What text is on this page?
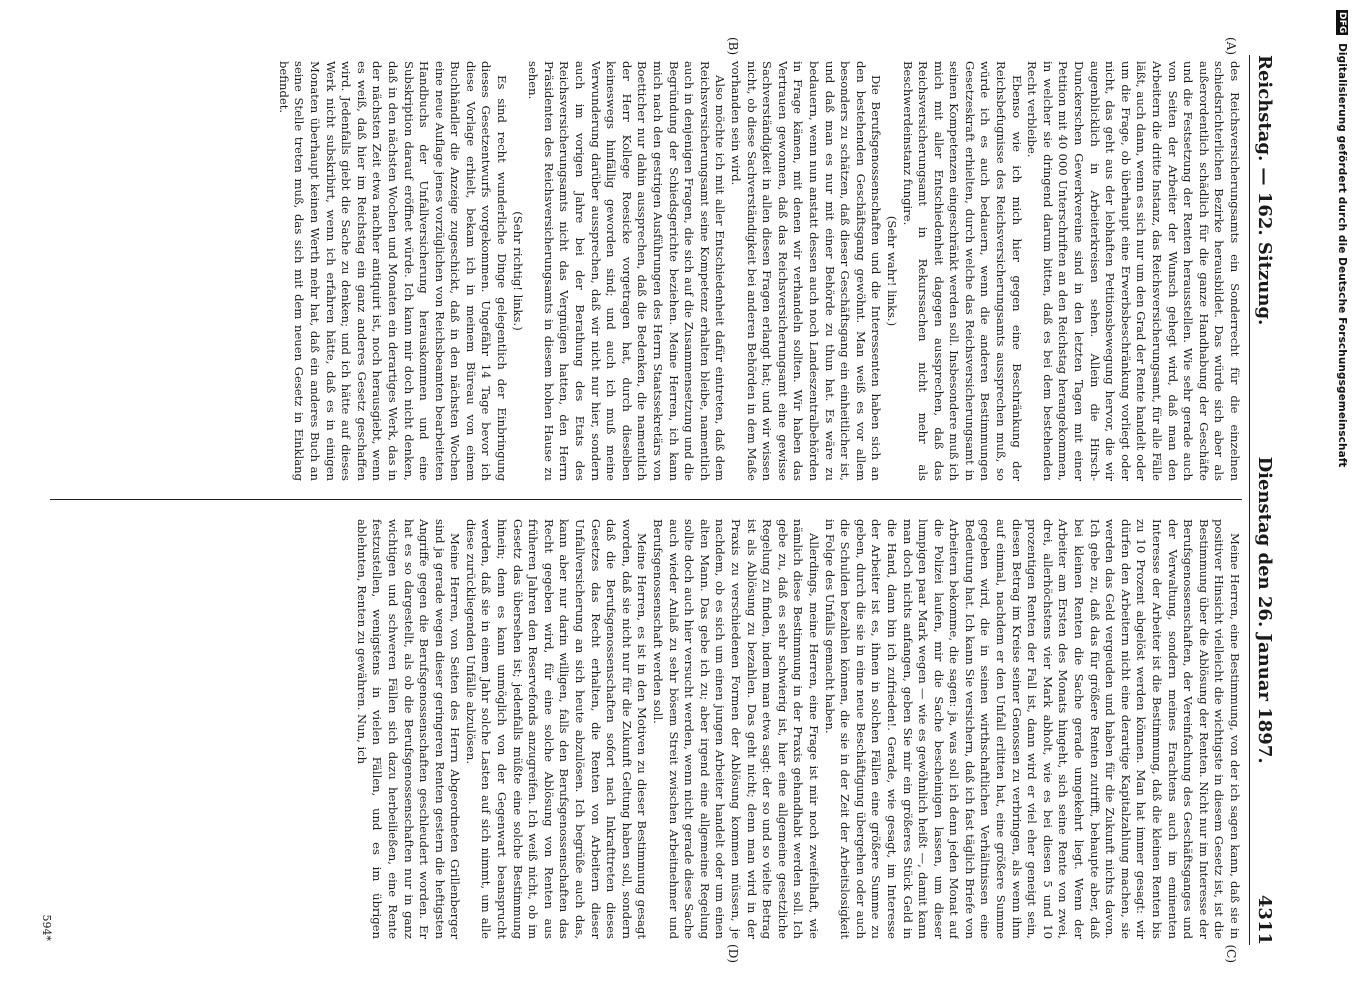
Reichstag. — 162. Sitzung.
Dienstag den 26. Januar 1897.
4311
(A)
(B)
(C)
(D)

des Reichsversicherungsamts ein Sonderrecht für die einzelnen schiedsrichterlichen Bezirke herausbildet. Das würde sich aber als außerordentlich schädlich für die ganze Handhabung der Geschäfte und die Festsetzung der Renten herausstellen. Wie sehr gerade auch von Seiten der Arbeiter der Wunsch gehegt wird, daß man den Arbeitern die dritte Instanz, das Reichsversicherungsamt, für alle Fälle läßt, auch dann, wenn es sich nur um den Grad der Rente handelt oder um die Frage, ob überhaupt eine Erwerbsbeschränkung vorliegt oder nicht, das geht aus der lebhaften Petitionsbewegung hervor, die wir augenblicklich in Arbeiterkreisen sehen. Allein die Hirsch-Dunckerschen Gewerkvereine sind in den letzten Tagen mit einer Petition mit 40 000 Unterschriften an den Reichstag herangekommen, in welcher sie dringend darum bitten, daß es bei dem bestehenden Recht verbleibe.

Ebenso wie ich mich hier gegen eine Beschränkung der Reichsbefugnisse des Reichsversicherungsamts aussprechen muß, so würde ich es auch bedauern, wenn die anderen Bestimmungen Gesetzeskraft erhielten, durch welche das Reichsversicherungsamt in seinen Kompetenzen eingeschränkt werden soll. Insbesondere muß ich mich mit aller Entschiedenheit dagegen aussprechen, daß das Reichsversicherungsamt in Rekurssachen nicht mehr als Beschwerdeinstanz fungire.

(Sehr wahr! links.)

Die Berufsgenossenschaften und die Interessenten haben sich an den bestehenden Geschäftsgang gewöhnt. Man weiß es vor allem besonders zu schätzen, daß dieser Geschäftsgang ein einheitlicher ist, und daß man es nur mit einer Behörde zu thun hat. Es wäre zu bedauern, wenn nun anstatt dessen auch noch Landeszentralbehörden in Frage kämen, mit denen wir verhandeln sollten. Wir haben das Vertrauen gewonnen, daß das Reichsversicherungsamt eine gewisse Sachverständigkeit in allen diesen Fragen erlangt hat; und wir wissen nicht, ob diese Sachverständigkeit bei anderen Behörden in dem Maße vorhanden sein wird.

Also möchte ich mit aller Entschiedenheit dafür eintreten, daß dem Reichsversicherungsamt seine Kompetenz erhalten bleibe, namentlich auch in denjenigen Fragen, die sich auf die Zusammensetzung und die Begründung der Schiedsgerichte beziehen. Meine Herren, ich kann mich nach den gestrigen Ausführungen des Herrn Staatssekretärs von Boetticher nur dahin aussprechen, daß die Bedenken, die namentlich der Herr Kollege Roesicke vorgetragen hat, durch dieselben keineswegs hinfällig geworden sind; und auch ich muß meine Verwunderung darüber aussprechen, daß wir nicht nur hier, sondern auch im vorigen Jahre bei der Berathung des Etats des Reichsversicherungsamts nicht das Vergnügen hatten, den Herrn Präsidenten des Reichsversicherungsamts in diesem hohen Hause zu sehen.

(Sehr richtig! links.)

Es sind recht wunderliche Dinge gelegentlich der Einbringung dieses Gesetzentwurfs vorgekommen. Ungefähr 14 Tage bevor ich diese Vorlage erhielt, bekam ich in meinem Büreau von einem Buchhändler die Anzeige zugeschickt, daß in den nächsten Wochen eine neue Auflage jenes vorzüglichen von Reichsbeamten bearbeiteten Handbuchs der Unfallversicherung herauskommen und eine Subskription darauf eröffnet würde. Ich kann mir doch nicht denken, daß in den nächsten Wochen und Monaten ein derartiges Werk, das in der nächsten Zeit etwa nachher antiquirt ist, noch herausgiebt, wenn es weiß, daß hier im Reichstag ein ganz anderes Gesetz geschaffen wird. Jedenfalls giebt die Sache zu denken; und ich hätte auf dieses Werk nicht subskribirt, wenn ich erfahren hätte, daß es in einigen Monaten überhaupt keinen Werth mehr hat, daß ein anderes Buch an seine Stelle treten muß, das sich mit dem neuen Gesetz in Einklang befindet.

Meine Herren, eine Bestimmung, von der ich sagen kann, daß sie in positiver Hinsicht vielleicht die wichtigste in diesem Gesetz ist, ist die Bestimmung über die Ablösung der Renten. Nicht nur im Interesse der Berufsgenossenschaften, der Vereinfachung des Geschäftsganges und der Verwaltung, sondern meines Erachtens auch im eminenten Interesse der Arbeiter ist die Bestimmung, daß die kleinen Renten bis zu 10 Prozent abgelöst werden können. Man hat immer gesagt: wir dürfen den Arbeitern nicht eine derartige Kapitalzahlung machen, sie werden das Geld vergeuden und haben für die Zukunft nichts davon. Ich gebe zu, daß das für größere Renten zutrifft, behaupte aber, daß bei kleinen Renten die Sache gerade umgekehrt liegt. Wenn der Arbeiter am Ersten des Monats hingeht, sich seine Rente von zwei, drei, allerhöchstens vier Mark abholt, wie es bei diesen 5 und 10 prozentigen Renten der Fall ist, dann wird er viel eher geneigt sein, diesen Betrag im Kreise seiner Genossen zu verbringen, als wenn ihm auf einmal, nachdem er den Unfall erlitten hat, eine größere Summe gegeben wird, die in seinen wirthschaftlichen Verhältnissen eine Bedeutung hat. Ich kann Sie versichern, daß ich fast täglich Briefe von Arbeitern bekomme, die sagen: ja, was soll ich denn jeden Monat auf die Polizei laufen, mir die Sache bescheinigen lassen, um dieser lumpigen paar Mark wegen — wie es gewöhnlich heißt —, damit kann man doch nichts anfangen, geben Sie mir ein größeres Stück Geld in die Hand, dann bin ich zufrieden!. Gerade, wie gesagt, im Interesse der Arbeiter ist es, ihnen in solchen Fällen eine größere Summe zu geben, durch die sie in eine neue Beschäftigung übergehen oder auch die Schulden bezahlen können, die sie in der Zeit der Arbeitslosigkeit in Folge des Unfalls gemacht haben.

Allerdings, meine Herren, eine Frage ist mir noch zweifelhaft, wie nämlich diese Bestimmung in der Praxis gehandhabt werden soll. Ich gebe zu, daß es sehr schwierig ist, hier eine allgemeine gesetzliche Regelung zu finden, indem man etwa sagt: der so und so vielte Betrag ist als Ablösung zu bezahlen. Das geht nicht; denn man wird in der Praxis zu verschiedenen Formen der Ablösung kommen müssen, je nachdem, ob es sich um einen jungen Arbeiter handelt oder um einen alten Mann. Das gebe ich zu; aber irgend eine allgemeine Regelung sollte doch auch hier versucht werden, wenn nicht gerade diese Sache auch wieder Anlaß zu sehr bösem Streit zwischen Arbeitnehmer und Berufsgenossenschaft werden soll.

Meine Herren, es ist in den Motiven zu dieser Bestimmung gesagt worden, daß sie nicht nur für die Zukunft Geltung haben soll, sondern daß die Berufsgenossenschaften sofort nach Inkrafttreten dieses Gesetzes das Recht erhalten, die Renten von Arbeitern dieser Unfallversicherung an sich heute abzulösen. Ich begrüße auch das, kann aber nur darin willigen, falls den Berufsgenossenschaften das Recht gegeben wird, für eine solche Ablösung von Renten aus früheren Jahren den Reservefonds anzugreifen. Ich weiß nicht, ob im Gesetz das übersehen ist; jedenfalls müßte eine solche Bestimmung hinein; denn es kann unmöglich von der Gegenwart beansprucht werden, daß sie in einem Jahr solche Lasten auf sich nimmt, um alle diese zurückliegenden Unfälle abzulösen.

Meine Herren, von Seiten des Herrn Abgeordneten Grillenberger sind ja gerade wegen dieser geringeren Renten gestern die heftigsten Angriffe gegen die Berufsgenossenschaften geschleudert worden. Er hat es so dargestellt, als ob die Berufsgenossenschaften nur in ganz wichtigen und schweren Fällen sich dazu herbeiließen, eine Rente festzustellen, wenigstens in vielen Fällen, und es im übrigen ablehnten, Renten zu gewähren. Nun, ich

594*
DFG Digitalisierung gefördert durch die Deutsche Forschungsgemeinschaft
